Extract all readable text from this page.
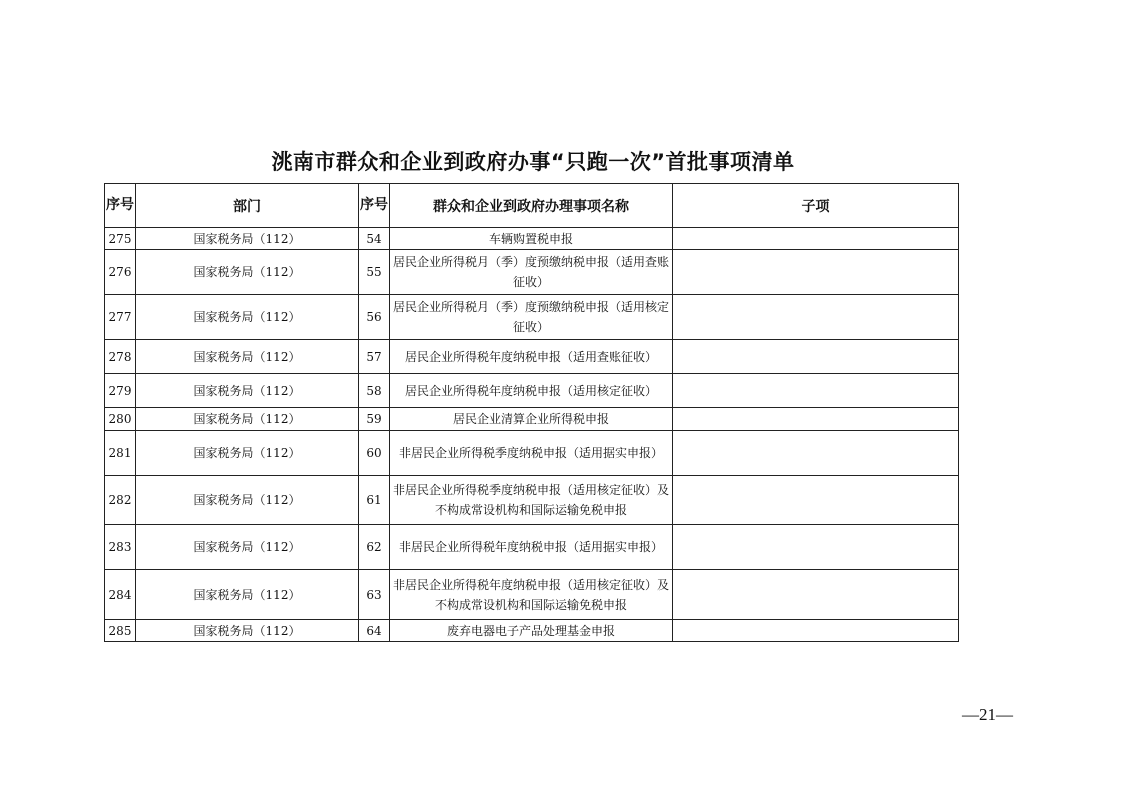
洮南市群众和企业到政府办事“只跑一次”首批事项清单
序号	部门	序号	群众和企业到政府办理事项名称	子项
275	国家税务局（112）	54	车辆购置税申报	
276	国家税务局（112）	55	居民企业所得税月（季）度预缴纳税申报（适用查账征收）	
277	国家税务局（112）	56	居民企业所得税月（季）度预缴纳税申报（适用核定征收）	
278	国家税务局（112）	57	居民企业所得税年度纳税申报（适用查账征收）	
279	国家税务局（112）	58	居民企业所得税年度纳税申报（适用核定征收）	
280	国家税务局（112）	59	居民企业清算企业所得税申报	
281	国家税务局（112）	60	非居民企业所得税季度纳税申报（适用据实申报）	
282	国家税务局（112）	61	非居民企业所得税季度纳税申报（适用核定征收）及不构成常设机构和国际运输免税申报	
283	国家税务局（112）	62	非居民企业所得税年度纳税申报（适用据实申报）	
284	国家税务局（112）	63	非居民企业所得税年度纳税申报（适用核定征收）及不构成常设机构和国际运输免税申报	
285	国家税务局（112）	64	废弃电器电子产品处理基金申报	
—21—
